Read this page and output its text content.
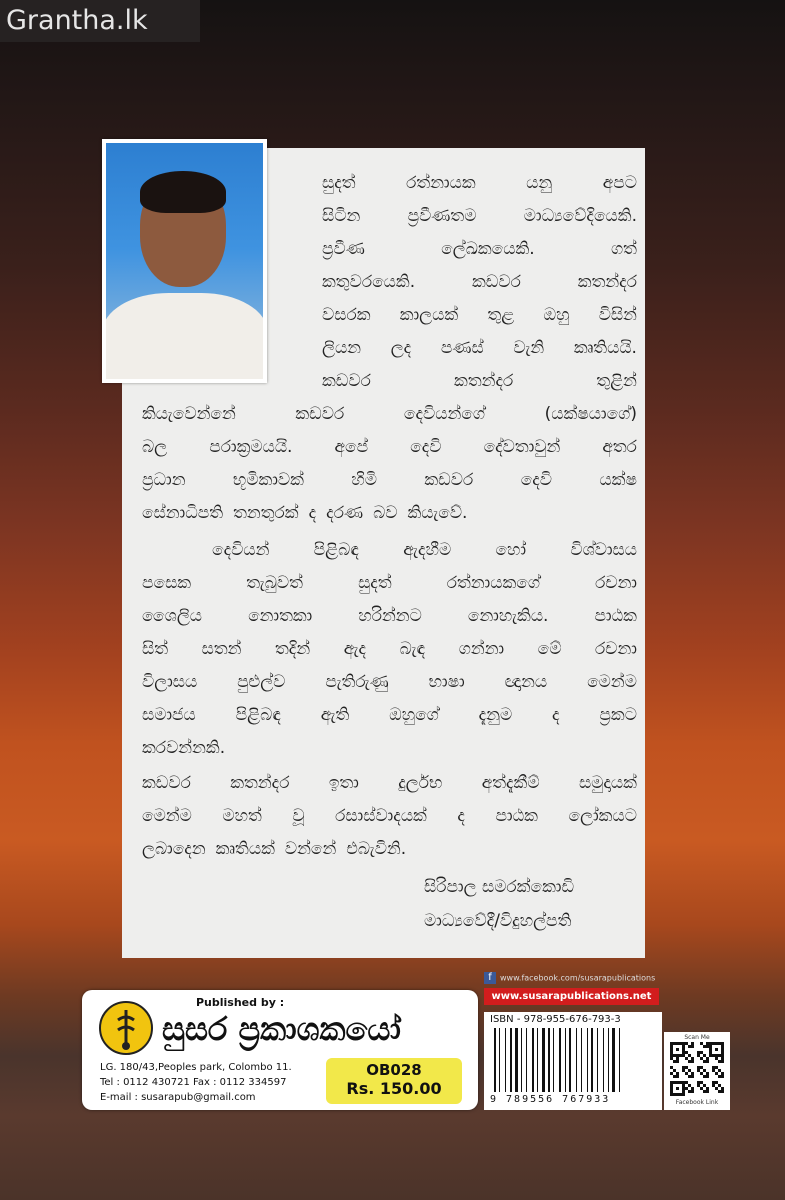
Grantha.lk
සුදත්	රත්නායක	යනු	අපට
සිටින	ප්‍රවීණතම	මාධ්‍යවේදියෙකි.
ප්‍රවීණ	ලේඛකයෙකි.	ගත්
කතුවරයෙකි.	කඩවර	කතන්දර
වසරක කාලයක් තුළ ඔහු විසින්
ලියන ලද පණස් වැනි කෘතියයි.
කඩවර	කතන්දර	තුළින්
කියැවෙන්නේ	කඩවර	දෙවියන්ගේ	(යක්ෂයාගේ)
බල පරාක්‍රමයයි. අපේ දෙවි දේවතාවුන් අතර
ප්‍රධාන	භූමිකාවක්	හිමි	කඩවර	දෙවි	යක්ෂ
සේනාධිපති තනතුරක් ද දරණ බව කියැවේ.
දෙවියන්	පිළිබඳ	ඇදහීම	හෝ	විශ්වාසය
පසෙක	තැබුවත්	සුදත්	රත්නායකගේ	රචනා
ශෛලිය	නොතකා	හරින්නට	නොහැකිය.	පාඨක
සිත් සතන් තදින් ඇද බැඳ ගන්නා මේ රචනා
විලාසය පුළුල්ව පැතිරුණු භාෂා ඥානය මෙන්ම
සමාජය පිළිබඳ ඇති ඔහුගේ දැනුම ද ප්‍රකට
කරවන්නකි.
කඩවර කතන්දර ඉතා දුර්ලභ අත්දැකීම් සමුදායක්
මෙන්ම මහත් වූ රසාස්වාදයක් ද පාඨක ලෝකයට
ලබාදෙන කෘතියක් වන්නේ එබැවිනි.
සිරිපාල සමරක්කොඩි
මාධ්‍යවේදී/විදුහල්පති
Published by :
සුසර ප්‍රකාශකයෝ
LG. 180/43,Peoples park, Colombo 11.
Tel : 0112 430721 Fax : 0112 334597
E-mail : susarapub@gmail.com
OB028
Rs. 150.00
f www.facebook.com/susarapublications
www.susarapublications.net
ISBN - 978-955-676-793-3
9 789556 767933
Scan Me
Facebook Link
